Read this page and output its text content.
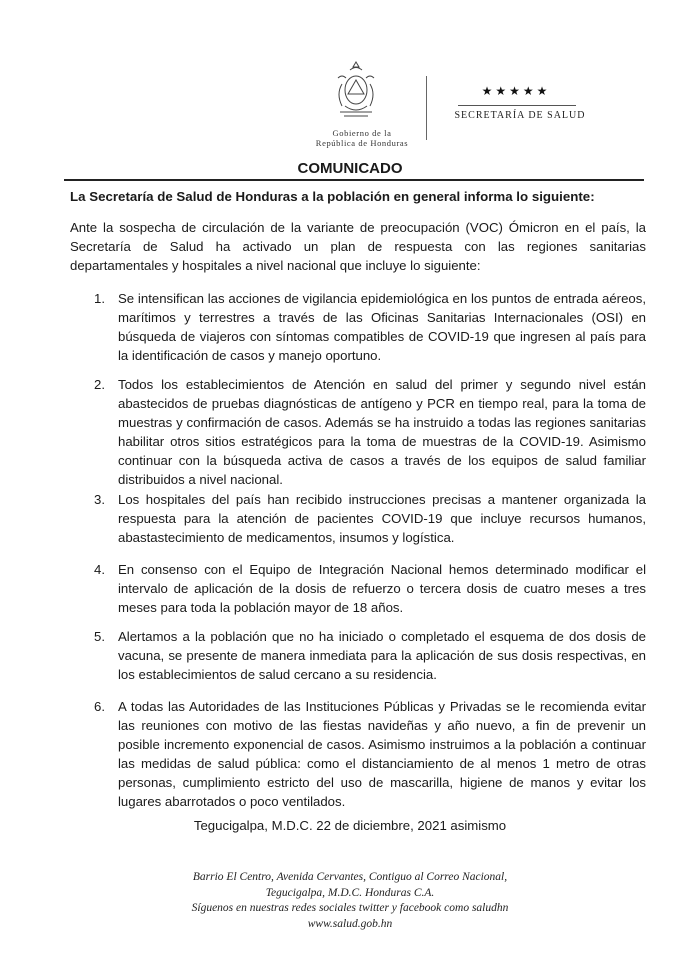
Gobierno de la
República de Honduras
★★★★★
SECRETARÍA DE SALUD
COMUNICADO
La Secretaría de Salud de Honduras a la población en general informa lo siguiente:
Ante la sospecha de circulación de la variante de preocupación (VOC) Ómicron en el país, la Secretaría de Salud ha activado un plan de respuesta con las regiones sanitarias departamentales y hospitales a nivel nacional que incluye lo siguiente:
1. Se intensifican las acciones de vigilancia epidemiológica en los puntos de entrada aéreos, marítimos y terrestres a través de las Oficinas Sanitarias Internacionales (OSI) en búsqueda de viajeros con síntomas compatibles de COVID-19 que ingresen al país para la identificación de casos y manejo oportuno.
2. Todos los establecimientos de Atención en salud del primer y segundo nivel están abastecidos de pruebas diagnósticas de antígeno y PCR en tiempo real, para la toma de muestras y confirmación de casos. Además se ha instruido a todas las regiones sanitarias habilitar otros sitios estratégicos para la toma de muestras de la COVID-19. Asimismo continuar con la búsqueda activa de casos a través de los equipos de salud familiar distribuidos a nivel nacional.
3. Los hospitales del país han recibido instrucciones precisas a mantener organizada la respuesta para la atención de pacientes COVID-19 que incluye recursos humanos, abastastecimiento de medicamentos, insumos y logística.
4. En consenso con el Equipo de Integración Nacional hemos determinado modificar el intervalo de aplicación de la dosis de refuerzo o tercera dosis de cuatro meses a tres meses para toda la población mayor de 18 años.
5. Alertamos a la población que no ha iniciado o completado el esquema de dos dosis de vacuna, se presente de manera inmediata para la aplicación de sus dosis respectivas, en los establecimientos de salud cercano a su residencia.
6. A todas las Autoridades de las Instituciones Públicas y Privadas se le recomienda evitar las reuniones con motivo de las fiestas navideñas y año nuevo, a fin de prevenir un posible incremento exponencial de casos. Asimismo instruimos a la población a continuar las medidas de salud pública: como el distanciamiento de al menos 1 metro de otras personas, cumplimiento estricto del uso de mascarilla, higiene de manos y evitar los lugares abarrotados o poco ventilados.
Tegucigalpa, M.D.C. 22 de diciembre, 2021 asimismo
Barrio El Centro, Avenida Cervantes, Contiguo al Correo Nacional,
Tegucigalpa, M.D.C. Honduras C.A.
Síguenos en nuestras redes sociales twitter y facebook como saludhn
www.salud.gob.hn
